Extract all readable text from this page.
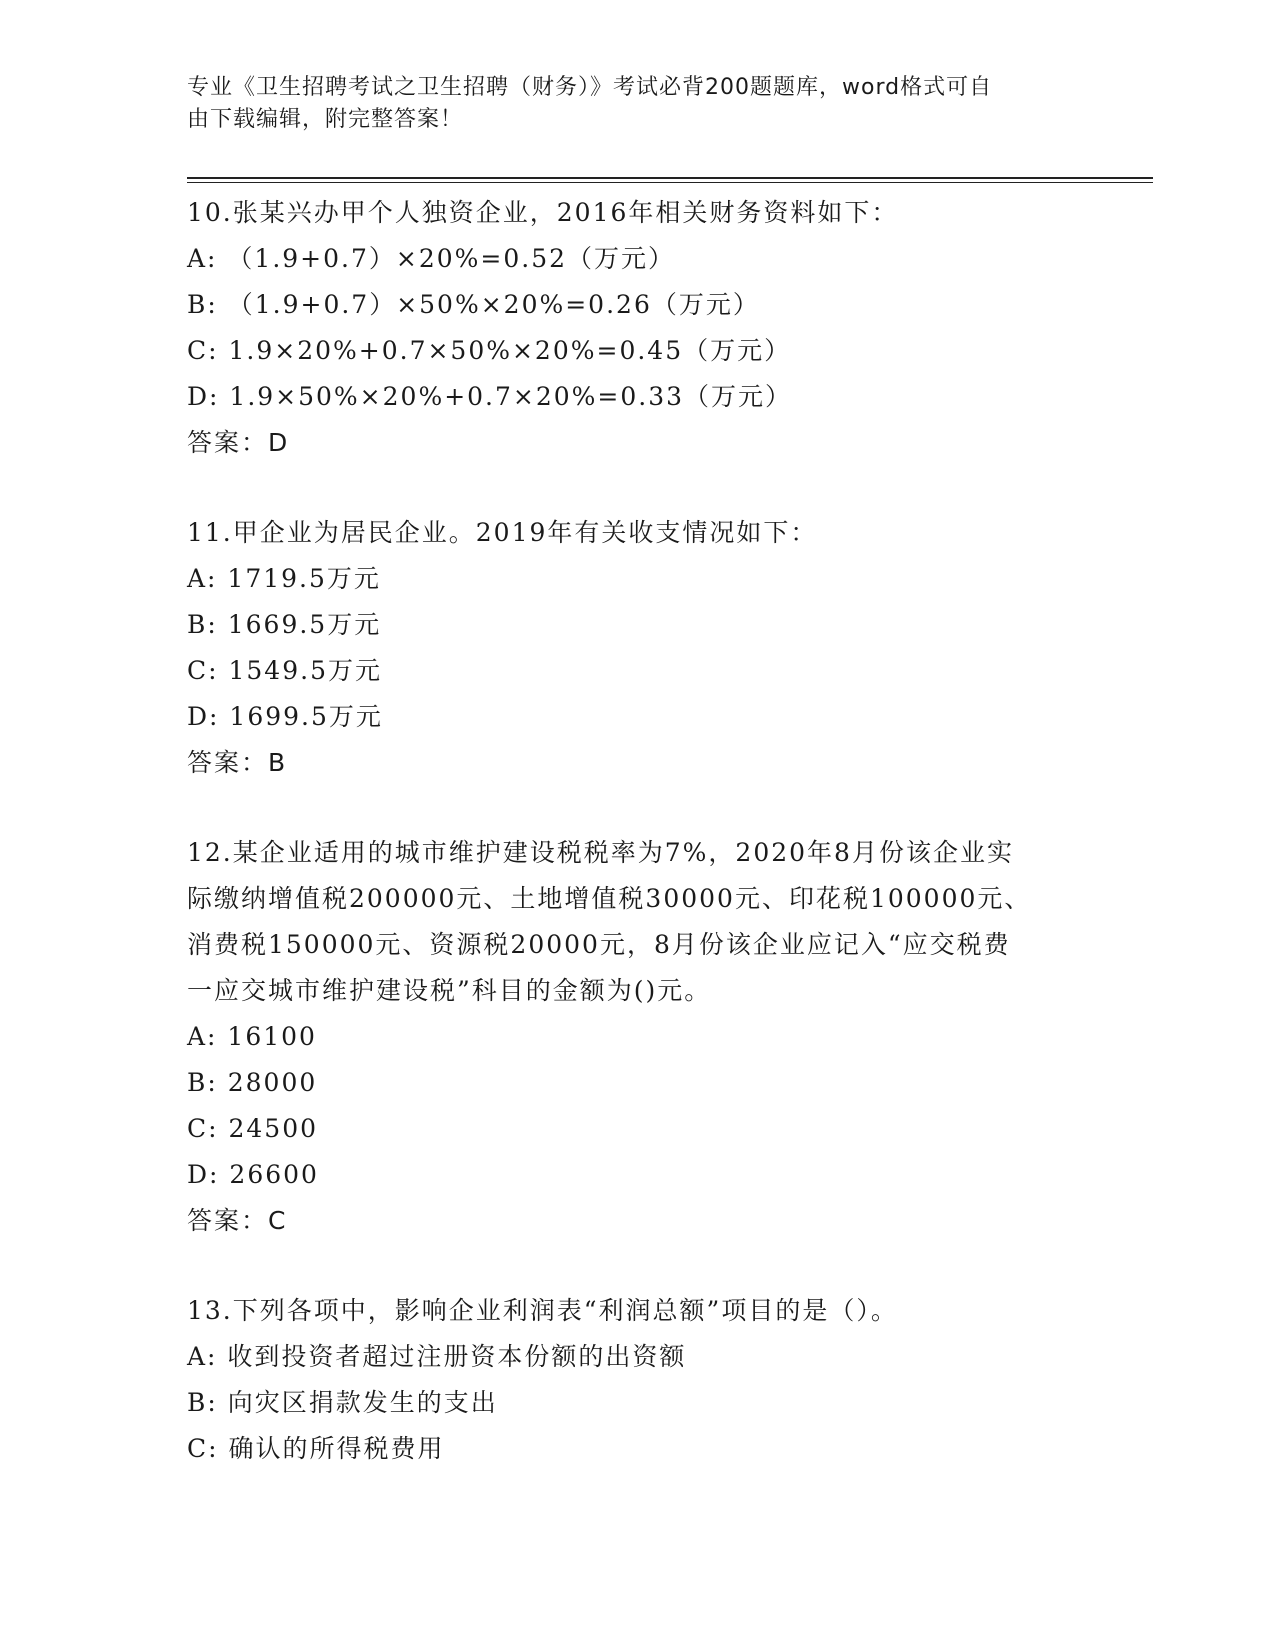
专业《卫生招聘考试之卫生招聘（财务）》考试必背200题题库，word格式可自
由下载编辑，附完整答案！
10.张某兴办甲个人独资企业，2016年相关财务资料如下：
A: （1.9+0.7）×20%=0.52（万元）
B: （1.9+0.7）×50%×20%=0.26（万元）
C: 1.9×20%+0.7×50%×20%=0.45（万元）
D: 1.9×50%×20%+0.7×20%=0.33（万元）
答案：D
11.甲企业为居民企业。2019年有关收支情况如下：
A: 1719.5万元
B: 1669.5万元
C: 1549.5万元
D: 1699.5万元
答案：B
12.某企业适用的城市维护建设税税率为7%，2020年8月份该企业实
际缴纳增值税200000元、土地增值税30000元、印花税100000元、
消费税150000元、资源税20000元，8月份该企业应记入“应交税费
一应交城市维护建设税”科目的金额为()元。
A: 16100
B: 28000
C: 24500
D: 26600
答案：C
13.下列各项中，影响企业利润表“利润总额”项目的是（）。
A: 收到投资者超过注册资本份额的出资额
B: 向灾区捐款发生的支出
C: 确认的所得税费用
